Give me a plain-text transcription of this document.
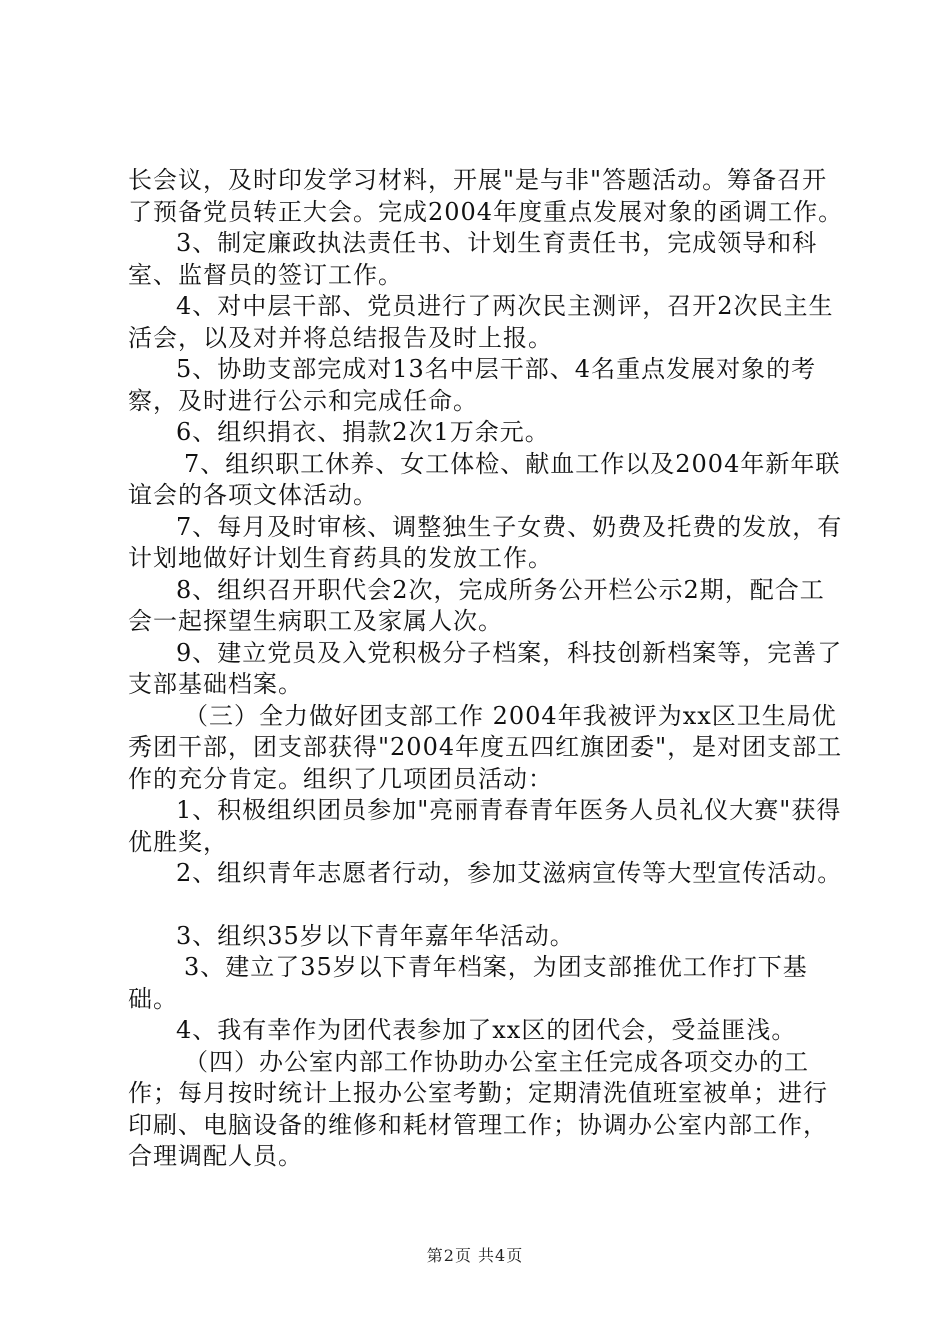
长会议，及时印发学习材料，开展"是与非"答题活动。筹备召开了预备党员转正大会。完成2004年度重点发展对象的函调工作。

3、制定廉政执法责任书、计划生育责任书，完成领导和科室、监督员的签订工作。

4、对中层干部、党员进行了两次民主测评，召开2次民主生活会，以及对并将总结报告及时上报。

5、协助支部完成对13名中层干部、4名重点发展对象的考察，及时进行公示和完成任命。

6、组织捐衣、捐款2次1万余元。

7、组织职工休养、女工体检、献血工作以及2004年新年联谊会的各项文体活动。

7、每月及时审核、调整独生子女费、奶费及托费的发放，有计划地做好计划生育药具的发放工作。

8、组织召开职代会2次，完成所务公开栏公示2期，配合工会一起探望生病职工及家属人次。

9、建立党员及入党积极分子档案，科技创新档案等，完善了支部基础档案。

（三）全力做好团支部工作 2004年我被评为xx区卫生局优秀团干部，团支部获得"2004年度五四红旗团委"，是对团支部工作的充分肯定。组织了几项团员活动：

1、积极组织团员参加"亮丽青春青年医务人员礼仪大赛"获得优胜奖，

2、组织青年志愿者行动，参加艾滋病宣传等大型宣传活动。

3、组织35岁以下青年嘉年华活动。

3、建立了35岁以下青年档案，为团支部推优工作打下基础。

4、我有幸作为团代表参加了xx区的团代会，受益匪浅。

（四）办公室内部工作协助办公室主任完成各项交办的工作；每月按时统计上报办公室考勤；定期清洗值班室被单；进行印刷、电脑设备的维修和耗材管理工作；协调办公室内部工作，合理调配人员。

第2页 共4页
